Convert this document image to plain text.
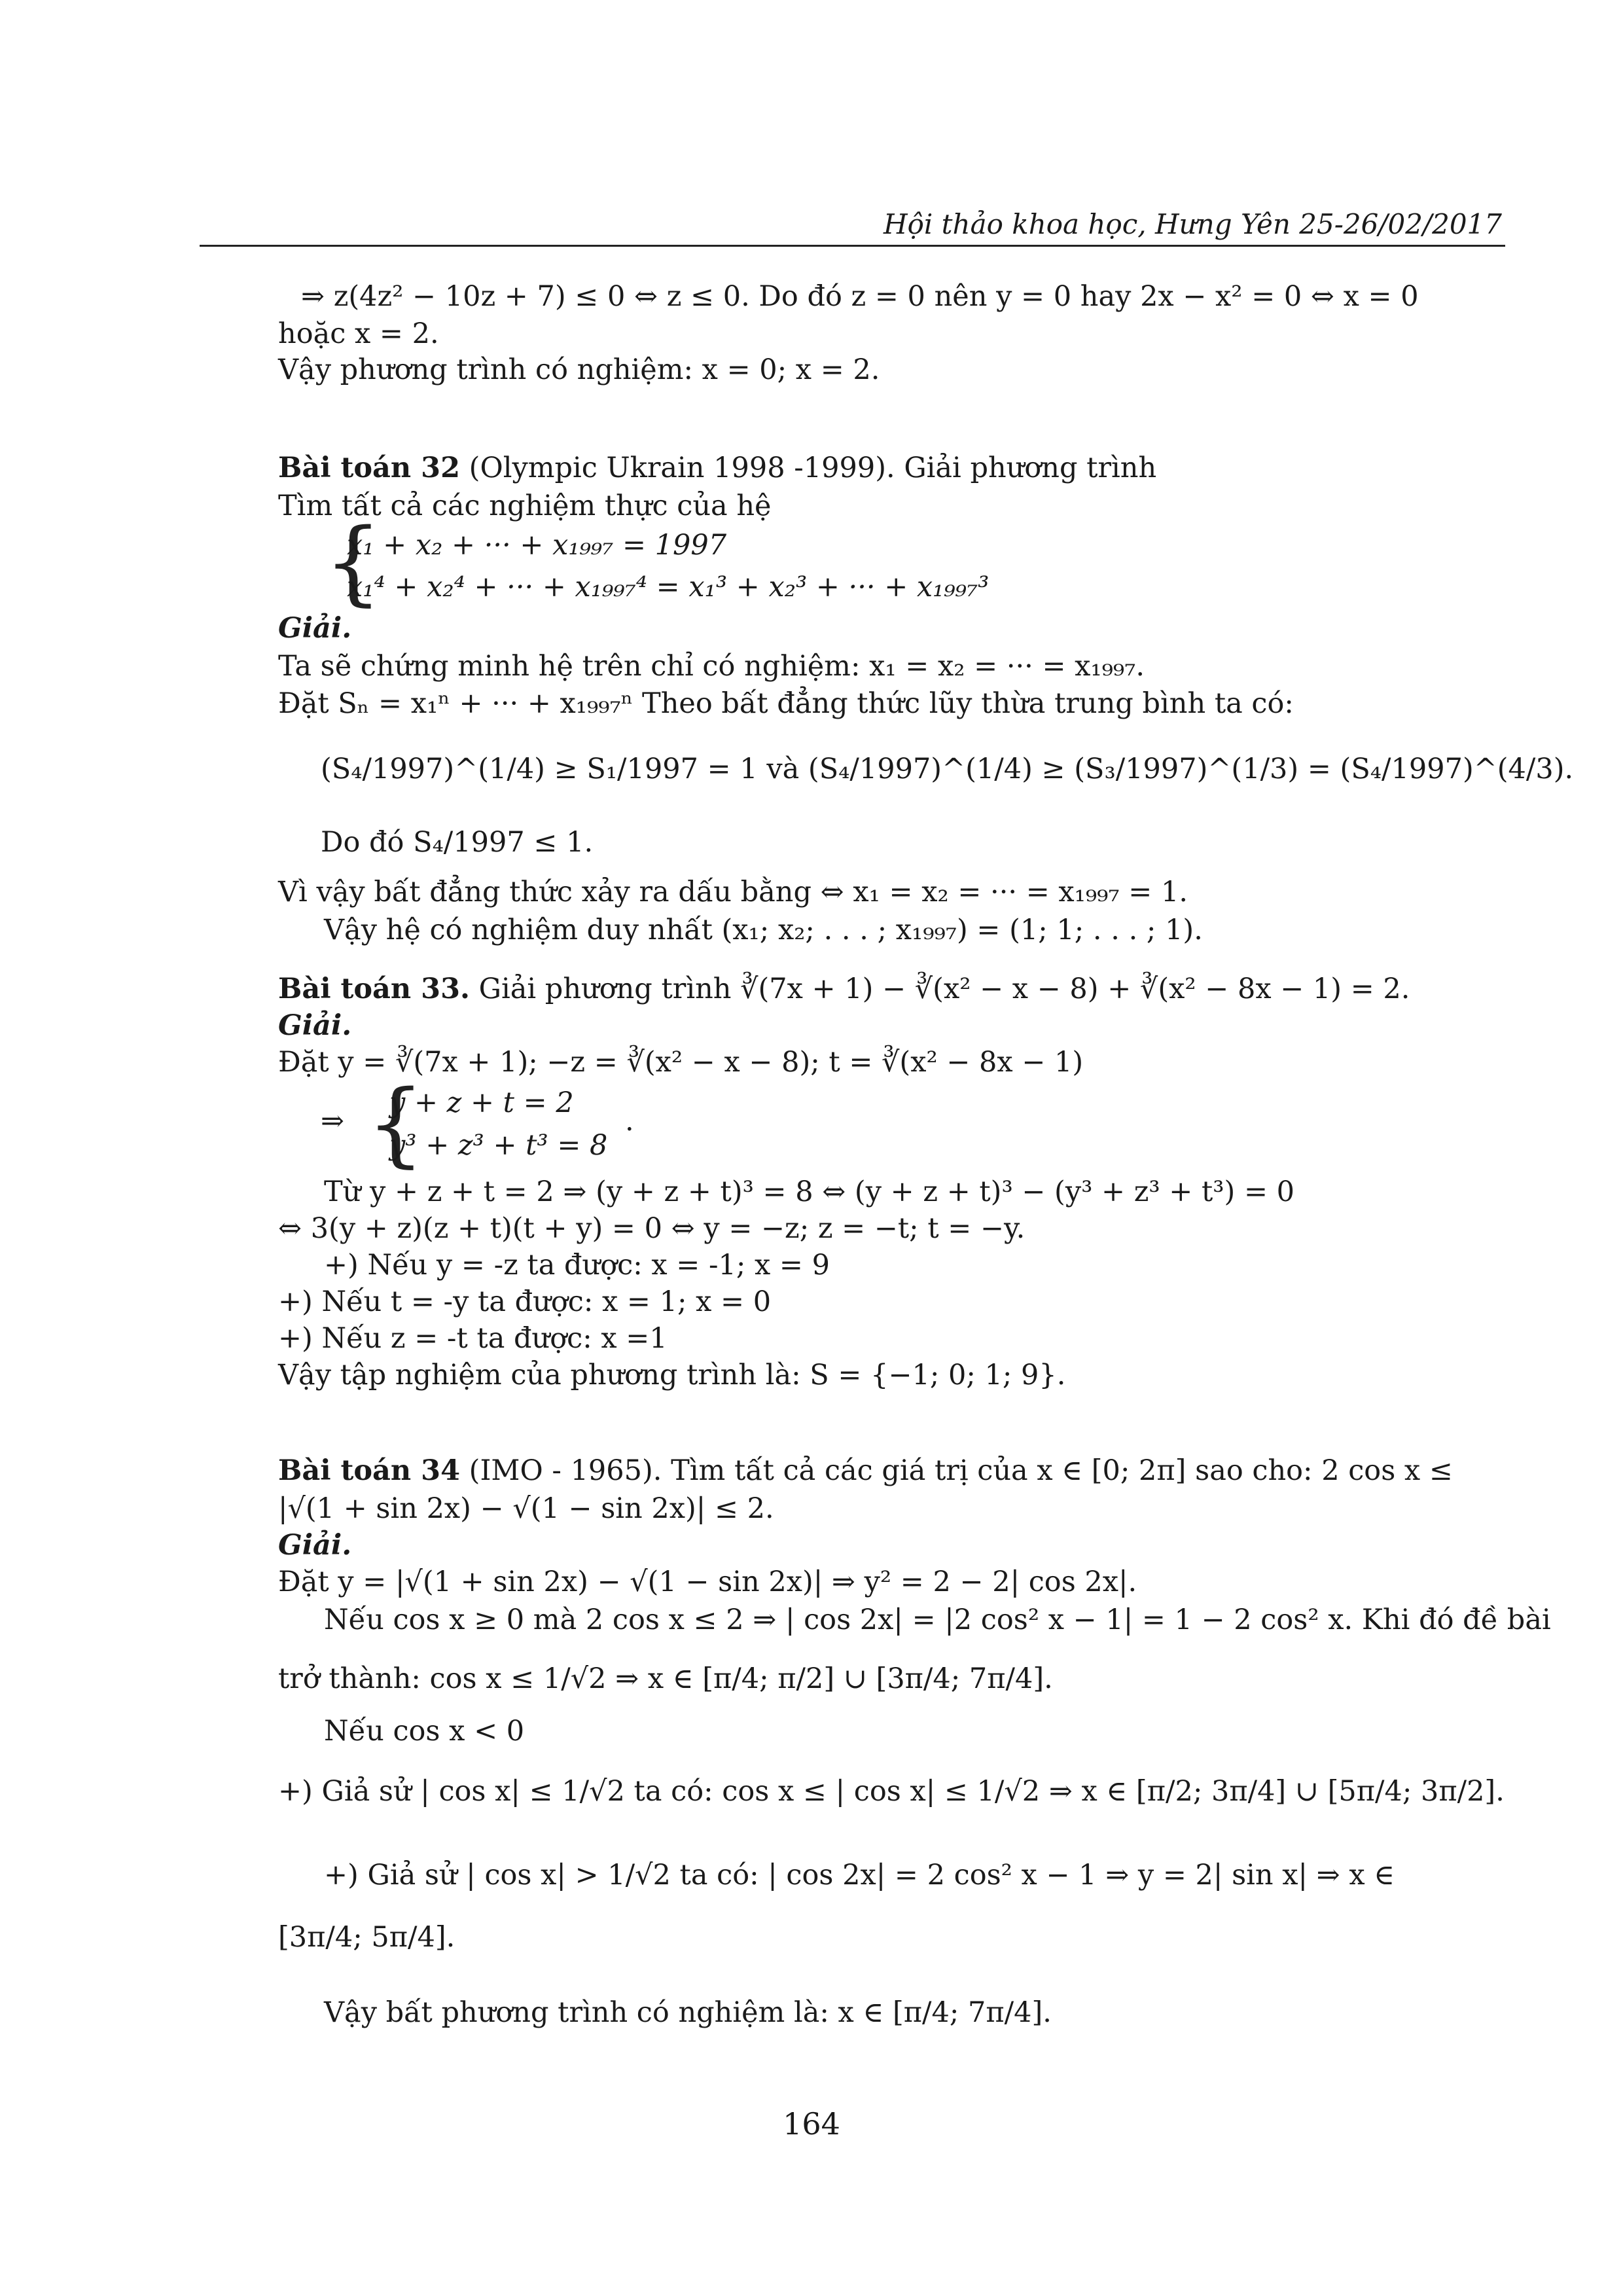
Hội thảo khoa học, Hưng Yên 25-26/02/2017
⇒ z(4z² − 10z + 7) ≤ 0 ⇔ z ≤ 0. Do đó z = 0 nên y = 0 hay 2x − x² = 0 ⇔ x = 0
hoặc x = 2.
Vậy phương trình có nghiệm: x = 0; x = 2.
Bài toán 32 (Olympic Ukrain 1998 -1999). Giải phương trình
Tìm tất cả các nghiệm thực của hệ
{
x₁ + x₂ + ··· + x₁₉₉₇ = 1997
x₁⁴ + x₂⁴ + ··· + x₁₉₉₇⁴ = x₁³ + x₂³ + ··· + x₁₉₉₇³
Giải.
Ta sẽ chứng minh hệ trên chỉ có nghiệm: x₁ = x₂ = ··· = x₁₉₉₇.
Đặt Sₙ = x₁ⁿ + ··· + x₁₉₉₇ⁿ Theo bất đẳng thức lũy thừa trung bình ta có:
(S₄/1997)^(1/4) ≥ S₁/1997 = 1 và (S₄/1997)^(1/4) ≥ (S₃/1997)^(1/3) = (S₄/1997)^(4/3).
Do đó S₄/1997 ≤ 1.
Vì vậy bất đẳng thức xảy ra dấu bằng ⇔ x₁ = x₂ = ··· = x₁₉₉₇ = 1.
Vậy hệ có nghiệm duy nhất (x₁; x₂; . . . ; x₁₉₉₇) = (1; 1; . . . ; 1).
Bài toán 33. Giải phương trình ∛(7x + 1) − ∛(x² − x − 8) + ∛(x² − 8x − 1) = 2.
Giải.
Đặt y = ∛(7x + 1); −z = ∛(x² − x − 8); t = ∛(x² − 8x − 1)
⇒ {
y + z + t = 2
y³ + z³ + t³ = 8
.
Từ y + z + t = 2 ⇒ (y + z + t)³ = 8 ⇔ (y + z + t)³ − (y³ + z³ + t³) = 0
⇔ 3(y + z)(z + t)(t + y) = 0 ⇔ y = −z; z = −t; t = −y.
+) Nếu y = -z ta được: x = -1; x = 9
+) Nếu t = -y ta được: x = 1; x = 0
+) Nếu z = -t ta được: x =1
Vậy tập nghiệm của phương trình là: S = {−1; 0; 1; 9}.
Bài toán 34 (IMO - 1965). Tìm tất cả các giá trị của x ∈ [0; 2π] sao cho: 2 cos x ≤
|√(1 + sin 2x) − √(1 − sin 2x)| ≤ 2.
Giải.
Đặt y = |√(1 + sin 2x) − √(1 − sin 2x)| ⇒ y² = 2 − 2| cos 2x|.
Nếu cos x ≥ 0 mà 2 cos x ≤ 2 ⇒ | cos 2x| = |2 cos² x − 1| = 1 − 2 cos² x. Khi đó đề bài
trở thành: cos x ≤ 1/√2 ⇒ x ∈ [π/4; π/2] ∪ [3π/4; 7π/4].
Nếu cos x < 0
+) Giả sử | cos x| ≤ 1/√2 ta có: cos x ≤ | cos x| ≤ 1/√2 ⇒ x ∈ [π/2; 3π/4] ∪ [5π/4; 3π/2].
+) Giả sử | cos x| > 1/√2 ta có: | cos 2x| = 2 cos² x − 1 ⇒ y = 2| sin x| ⇒ x ∈
[3π/4; 5π/4].
Vậy bất phương trình có nghiệm là: x ∈ [π/4; 7π/4].
164
